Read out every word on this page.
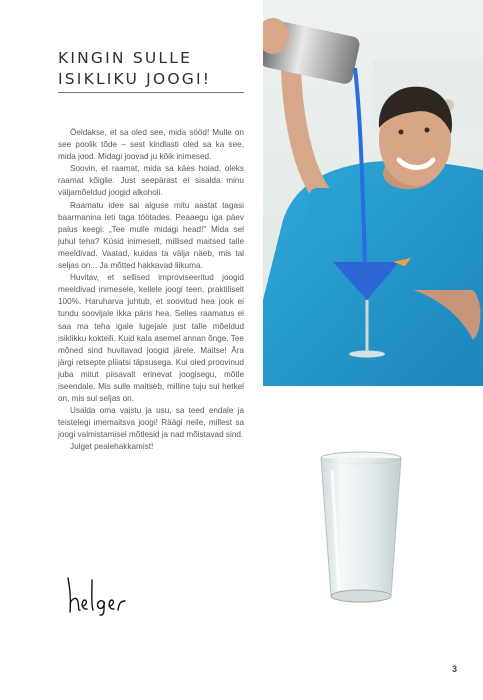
KINGIN SULLE
ISIKLIKU JOOGI!

Öeldakse, et sa oled see, mida sööd! Mulle on see poolik tõde – sest kindlasti oled sa ka see, mida jood. Midagi joovad ju kõik inimesed.

Soovin, et raamat, mida sa käes hoiad, oleks raamat kõigile. Just seepärast ei sisalda minu väljamõeldud joogid alkoholi.

Raamatu idee sai alguse mitu aastat tagasi baarmanina leti taga töötades. Peaaegu iga päev palus keegi: „Tee mulle midagi head!" Mida sel juhul teha? Küsid inimeselt, millised maitsed talle meeldivad. Vaatad, kuidas ta välja näeb, mis tal seljas on... Ja mõtted hakkavad liikuma.

Huvitav, et sellised improviseeritud joogid meeldivad inimesele, kellele joogi teen, praktiliselt 100%. Haruharva juhtub, et soovitud hea jook ei tundu soovijale ikka päris hea. Selles raamatus ei saa ma teha igale lugejale just talle mõeldud isiklikku kokteili. Kuid kala asemel annan õnge. Tee mõned sind huvitavad joogid järele. Maitse! Ära järgi retsepte pliiatsi täpsusega. Kui oled proovinud juba mitut piisavalt erinevat joogisegu, mõtle iseendale. Mis sulle maitseb, milline tuju sul hetkel on, mis sul seljas on.

Usalda oma vaistu ja usu, sa teed endale ja teistelegi imemaitsva joogi! Räägi neile, millest sa joogi valmistamisel mõtlesid ja nad mõistavad sind.

Julget pealehakkamist!

3
